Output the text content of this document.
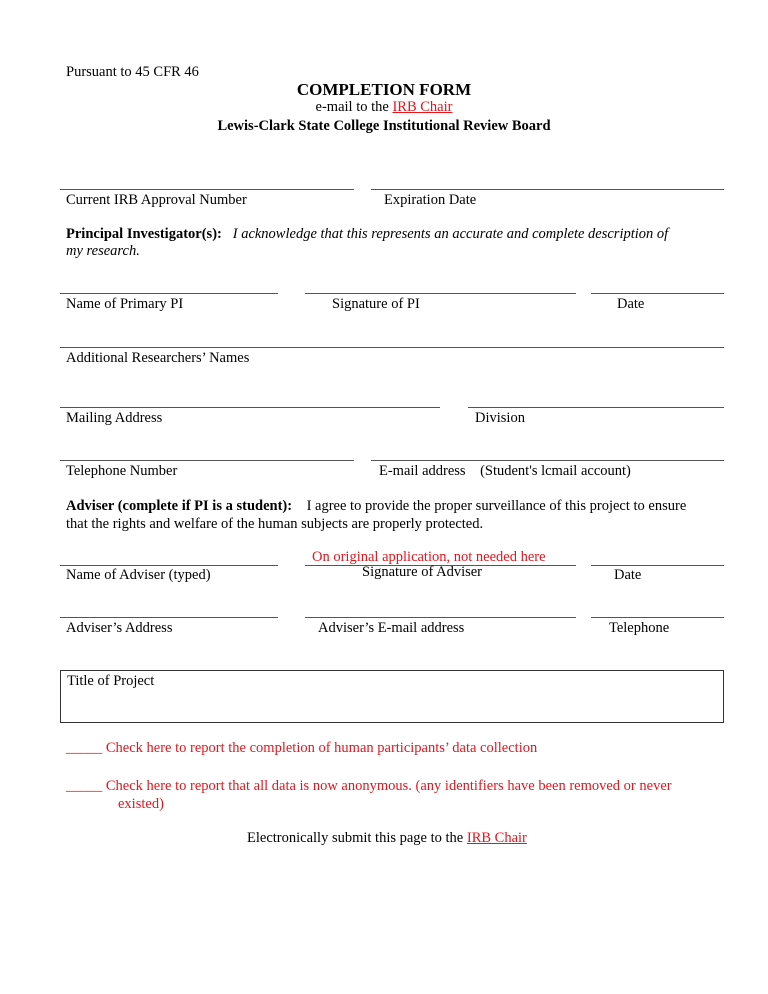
Pursuant to 45 CFR 46
COMPLETION FORM
e-mail to the IRB Chair
Lewis-Clark State College Institutional Review Board
Current IRB Approval Number	Expiration Date
Principal Investigator(s): I acknowledge that this represents an accurate and complete description of
my research.
Name of Primary PI	Signature of PI	Date
Additional Researchers’ Names
Mailing Address	Division
Telephone Number	E-mail address (Student's lcmail account)
Adviser (complete if PI is a student): I agree to provide the proper surveillance of this project to ensure
that the rights and welfare of the human subjects are properly protected.
On original application, not needed here
Name of Adviser (typed)	Signature of Adviser	Date
Adviser’s Address	Adviser’s E-mail address	Telephone
Title of Project
_____ Check here to report the completion of human participants’ data collection
_____ Check here to report that all data is now anonymous. (any identifiers have been removed or never
existed)
Electronically submit this page to the IRB Chair
